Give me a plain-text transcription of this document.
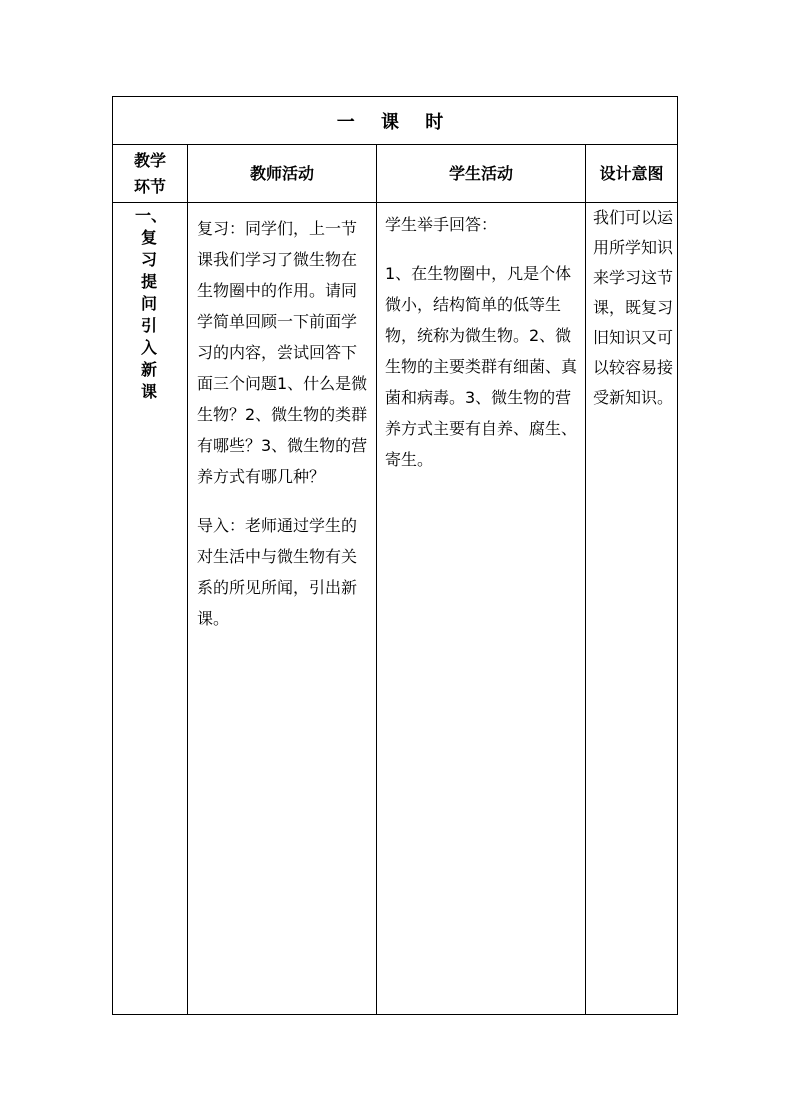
一 课 时
教学环节
教师活动	学生活动	设计意图
一、复习提问引入新课
复习：同学们，上一节课我们学习了微生物在生物圈中的作用。请同学简单回顾一下前面学习的内容，尝试回答下面三个问题1、什么是微生物？2、微生物的类群有哪些？3、微生物的营养方式有哪几种？
导入：老师通过学生的对生活中与微生物有关系的所见所闻，引出新课。
学生举手回答：
1、在生物圈中，凡是个体微小，结构简单的低等生物，统称为微生物。2、微生物的主要类群有细菌、真菌和病毒。3、微生物的营养方式主要有自养、腐生、寄生。
我们可以运用所学知识来学习这节课，既复习旧知识又可以较容易接受新知识。
